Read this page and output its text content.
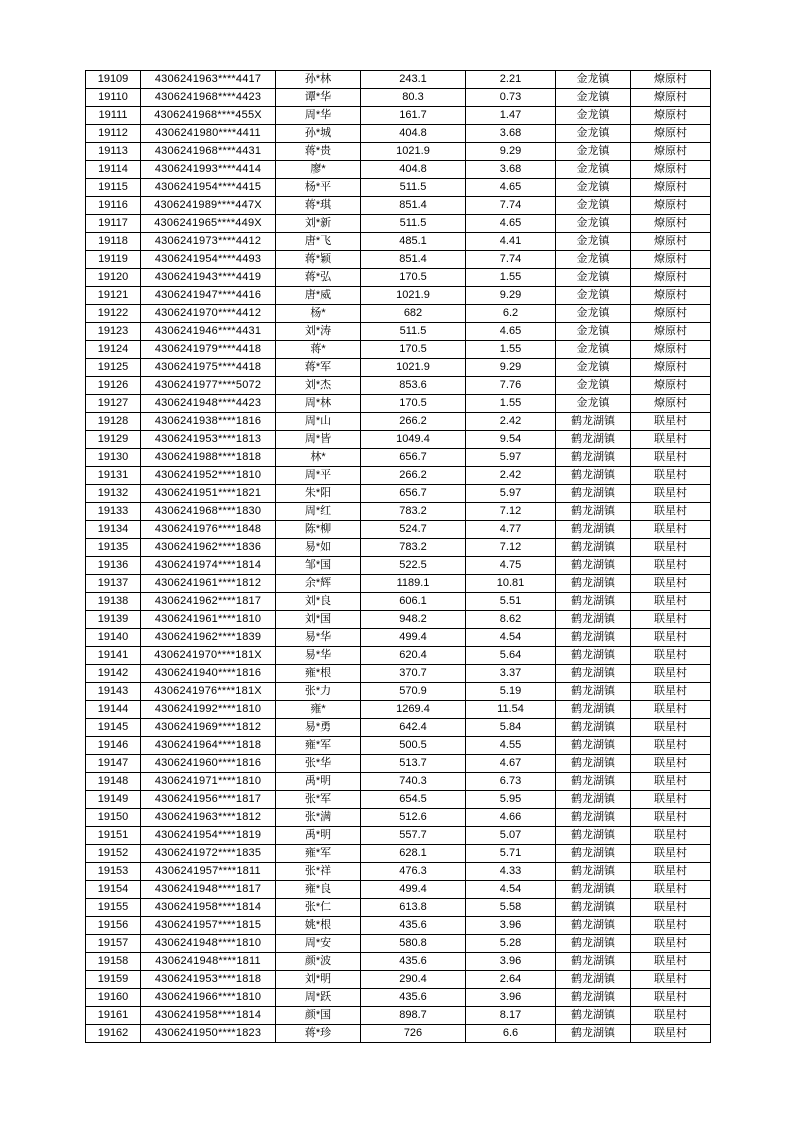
19109	4306241963****4417	孙*林	243.1	2.21	金龙镇	燎原村
19110	4306241968****4423	谭*华	80.3	0.73	金龙镇	燎原村
19111	4306241968****455X	周*华	161.7	1.47	金龙镇	燎原村
19112	4306241980****4411	孙*城	404.8	3.68	金龙镇	燎原村
19113	4306241968****4431	蒋*贵	1021.9	9.29	金龙镇	燎原村
19114	4306241993****4414	廖*	404.8	3.68	金龙镇	燎原村
19115	4306241954****4415	杨*平	511.5	4.65	金龙镇	燎原村
19116	4306241989****447X	蒋*琪	851.4	7.74	金龙镇	燎原村
19117	4306241965****449X	刘*新	511.5	4.65	金龙镇	燎原村
19118	4306241973****4412	唐*飞	485.1	4.41	金龙镇	燎原村
19119	4306241954****4493	蒋*颖	851.4	7.74	金龙镇	燎原村
19120	4306241943****4419	蒋*弘	170.5	1.55	金龙镇	燎原村
19121	4306241947****4416	唐*威	1021.9	9.29	金龙镇	燎原村
19122	4306241970****4412	杨*	682	6.2	金龙镇	燎原村
19123	4306241946****4431	刘*涛	511.5	4.65	金龙镇	燎原村
19124	4306241979****4418	蒋*	170.5	1.55	金龙镇	燎原村
19125	4306241975****4418	蒋*军	1021.9	9.29	金龙镇	燎原村
19126	4306241977****5072	刘*杰	853.6	7.76	金龙镇	燎原村
19127	4306241948****4423	周*林	170.5	1.55	金龙镇	燎原村
19128	4306241938****1816	周*山	266.2	2.42	鹤龙湖镇	联星村
19129	4306241953****1813	周*皆	1049.4	9.54	鹤龙湖镇	联星村
19130	4306241988****1818	林*	656.7	5.97	鹤龙湖镇	联星村
19131	4306241952****1810	周*平	266.2	2.42	鹤龙湖镇	联星村
19132	4306241951****1821	朱*阳	656.7	5.97	鹤龙湖镇	联星村
19133	4306241968****1830	周*红	783.2	7.12	鹤龙湖镇	联星村
19134	4306241976****1848	陈*柳	524.7	4.77	鹤龙湖镇	联星村
19135	4306241962****1836	易*如	783.2	7.12	鹤龙湖镇	联星村
19136	4306241974****1814	邹*国	522.5	4.75	鹤龙湖镇	联星村
19137	4306241961****1812	余*辉	1189.1	10.81	鹤龙湖镇	联星村
19138	4306241962****1817	刘*良	606.1	5.51	鹤龙湖镇	联星村
19139	4306241961****1810	刘*国	948.2	8.62	鹤龙湖镇	联星村
19140	4306241962****1839	易*华	499.4	4.54	鹤龙湖镇	联星村
19141	4306241970****181X	易*华	620.4	5.64	鹤龙湖镇	联星村
19142	4306241940****1816	雍*根	370.7	3.37	鹤龙湖镇	联星村
19143	4306241976****181X	张*力	570.9	5.19	鹤龙湖镇	联星村
19144	4306241992****1810	雍*	1269.4	11.54	鹤龙湖镇	联星村
19145	4306241969****1812	易*勇	642.4	5.84	鹤龙湖镇	联星村
19146	4306241964****1818	雍*军	500.5	4.55	鹤龙湖镇	联星村
19147	4306241960****1816	张*华	513.7	4.67	鹤龙湖镇	联星村
19148	4306241971****1810	禹*明	740.3	6.73	鹤龙湖镇	联星村
19149	4306241956****1817	张*军	654.5	5.95	鹤龙湖镇	联星村
19150	4306241963****1812	张*满	512.6	4.66	鹤龙湖镇	联星村
19151	4306241954****1819	禹*明	557.7	5.07	鹤龙湖镇	联星村
19152	4306241972****1835	雍*军	628.1	5.71	鹤龙湖镇	联星村
19153	4306241957****1811	张*祥	476.3	4.33	鹤龙湖镇	联星村
19154	4306241948****1817	雍*良	499.4	4.54	鹤龙湖镇	联星村
19155	4306241958****1814	张*仁	613.8	5.58	鹤龙湖镇	联星村
19156	4306241957****1815	姚*根	435.6	3.96	鹤龙湖镇	联星村
19157	4306241948****1810	周*安	580.8	5.28	鹤龙湖镇	联星村
19158	4306241948****1811	颜*波	435.6	3.96	鹤龙湖镇	联星村
19159	4306241953****1818	刘*明	290.4	2.64	鹤龙湖镇	联星村
19160	4306241966****1810	周*跃	435.6	3.96	鹤龙湖镇	联星村
19161	4306241958****1814	颜*国	898.7	8.17	鹤龙湖镇	联星村
19162	4306241950****1823	蒋*珍	726	6.6	鹤龙湖镇	联星村
